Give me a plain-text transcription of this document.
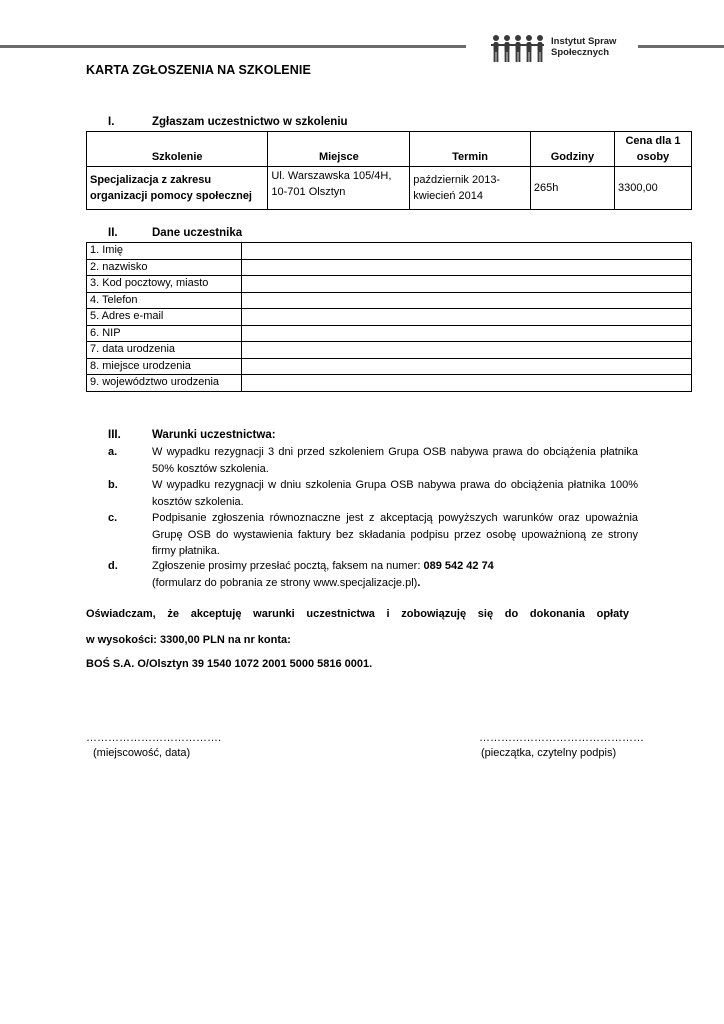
Instytut Spraw
Społecznych
KARTA ZGŁOSZENIA NA SZKOLENIE
I.	Zgłaszam uczestnictwo w szkoleniu
Szkolenie	Miejsce	Termin	Godziny	Cena dla 1 osoby
Specjalizacja z zakresu organizacji pomocy społecznej	Ul. Warszawska 105/4H, 10-701 Olsztyn	październik 2013- kwiecień 2014	265h	3300,00
II.	Dane uczestnika
1. Imię	
2. nazwisko	
3. Kod pocztowy, miasto	
4. Telefon	
5. Adres e-mail	
6. NIP	
7. data urodzenia	
8. miejsce urodzenia	
9. województwo urodzenia	
III.	Warunki uczestnictwa:
a.	W wypadku rezygnacji 3 dni przed szkoleniem Grupa OSB nabywa prawa do obciążenia płatnika 50% kosztów szkolenia.
b.	W wypadku rezygnacji w dniu szkolenia Grupa OSB nabywa prawa do obciążenia płatnika 100% kosztów szkolenia.
c.	Podpisanie zgłoszenia równoznaczne jest z akceptacją powyższych warunków oraz upoważnia Grupę OSB do wystawienia faktury bez składania podpisu przez osobę upoważnioną ze strony firmy płatnika.
d.	Zgłoszenie prosimy przesłać pocztą, faksem na numer: 089 542 42 74
(formularz do pobrania ze strony www.specjalizacje.pl).
Oświadczam, że akceptuję warunki uczestnictwa i zobowiązuję się do dokonania opłaty
w wysokości: 3300,00 PLN na nr konta:
BOŚ S.A. O/Olsztyn 39 1540 1072 2001 5000 5816 0001.
……………………………….
(miejscowość, data)
………………………………………
(pieczątka, czytelny podpis)
